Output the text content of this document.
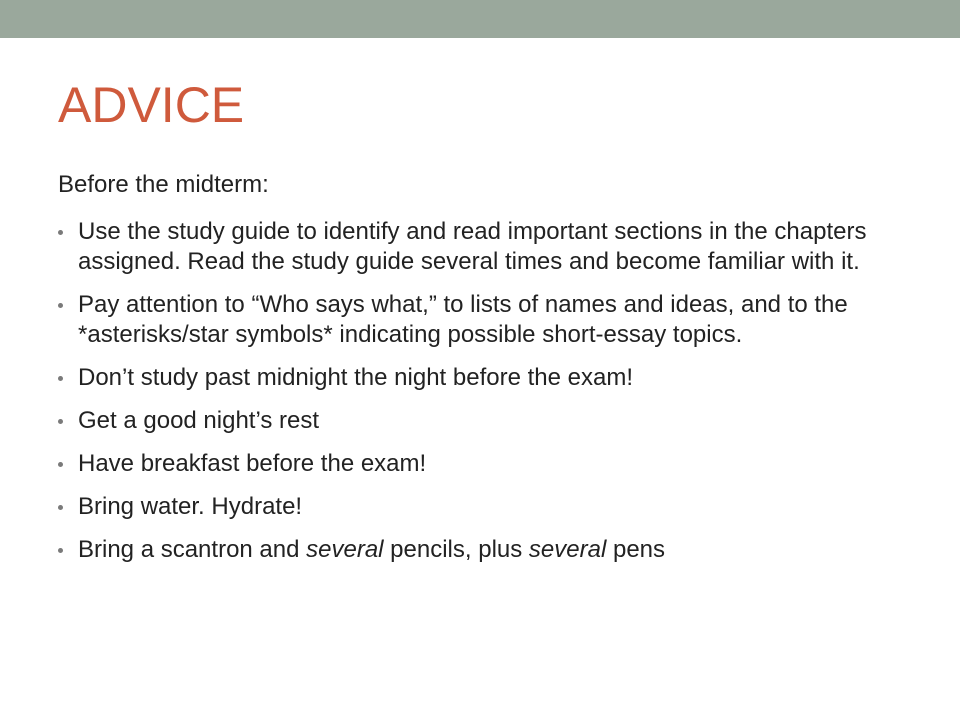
ADVICE

Before the midterm:

Use the study guide to identify and read important sections in the chapters assigned. Read the study guide several times and become familiar with it.
Pay attention to “Who says what,” to lists of names and ideas, and to the *asterisks/star symbols* indicating possible short-essay topics.
Don’t study past midnight the night before the exam!
Get a good night’s rest
Have breakfast before the exam!
Bring water. Hydrate!
Bring a scantron and several pencils, plus several pens
